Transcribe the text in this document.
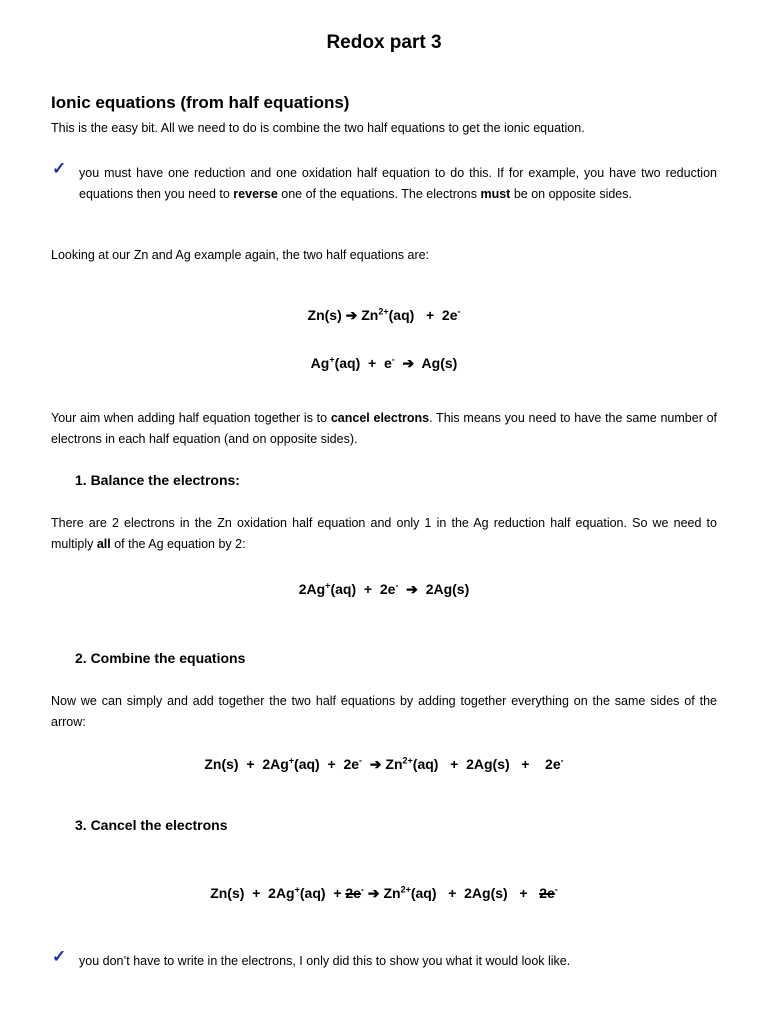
Redox part 3
Ionic equations (from half equations)
This is the easy bit. All we need to do is combine the two half equations to get the ionic equation.
✓ you must have one reduction and one oxidation half equation to do this. If for example, you have two reduction equations then you need to reverse one of the equations. The electrons must be on opposite sides.
Looking at our Zn and Ag example again, the two half equations are:
Zn(s) ➔ $Zn^{2+}(aq) + 2e^-$
Ag+(aq)  +  e-  ➔  Ag(s)
Your aim when adding half equation together is to cancel electrons. This means you need to have the same number of electrons in each half equation (and on opposite sides).
1. Balance the electrons:
There are 2 electrons in the Zn oxidation half equation and only 1 in the Ag reduction half equation. So we need to multiply all of the Ag equation by 2:
2Ag+(aq)  +  2e-  ➔  2Ag(s)
2. Combine the equations
Now we can simply and add together the two half equations by adding together everything on the same sides of the arrow:
Zn(s)  +  2Ag+(aq)  +  2e-  ➔ $Zn^{2+}(aq) + 2Ag(s)$   +    2e-
3. Cancel the electrons
Zn(s)  +  2Ag+(aq)  + 2e- ➔ $Zn^{2+}(aq) + 2Ag(s) + 2e^-$
✓ you don’t have to write in the electrons, I only did this to show you what it would look like.
